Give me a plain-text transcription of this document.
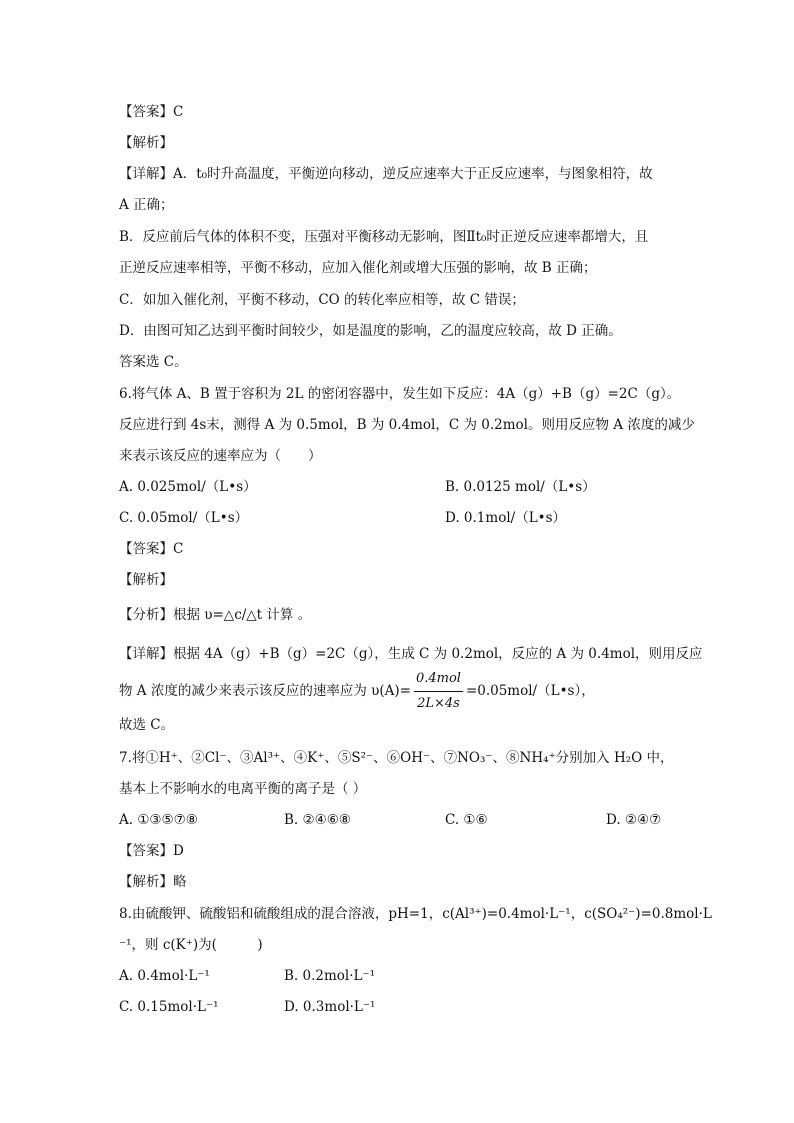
【答案】C
【解析】
【详解】A．t₀时升高温度，平衡逆向移动，逆反应速率大于正反应速率，与图象相符，故
A 正确；
B．反应前后气体的体积不变，压强对平衡移动无影响，图Ⅱt₀时正逆反应速率都增大，且
正逆反应速率相等，平衡不移动，应加入催化剂或增大压强的影响，故 B 正确；
C．如加入催化剂，平衡不移动，CO 的转化率应相等，故 C 错误；
D．由图可知乙达到平衡时间较少，如是温度的影响，乙的温度应较高，故 D 正确。
答案选 C。
6.将气体 A、B 置于容积为 2L 的密闭容器中，发生如下反应：4A（g）+B（g）=2C（g）。
反应进行到 4s末，测得 A 为 0.5mol，B 为 0.4mol，C 为 0.2mol。则用反应物 A 浓度的减少
来表示该反应的速率应为（　　）
A. 0.025mol/（L•s）	B. 0.0125 mol/（L•s）
C. 0.05mol/（L•s）	D. 0.1mol/（L•s）
【答案】C
【解析】
【分析】根据 υ=△c/△t 计算 。
【详解】根据 4A（g）+B（g）=2C（g），生成 C 为 0.2mol，反应的 A 为 0.4mol，则用反应
物 A 浓度的减少来表示该反应的速率应为 $\upsilon(A)= \frac{\text{0.4mol}}{2L\times 4s}$ =0.05mol/（L•s），
故选 C。
7.将①H⁺、②Cl⁻、③Al³⁺、④K⁺、⑤S²⁻、⑥OH⁻、⑦NO₃⁻、⑧NH₄⁺分别加入 H₂O 中，
基本上不影响水的电离平衡的离子是（ ）
A. ①③⑤⑦⑧	B. ②④⑥⑧	C. ①⑥	D. ②④⑦
【答案】D
【解析】略
8.由硫酸钾、硫酸铝和硫酸组成的混合溶液，pH=1，c(Al³⁺)=0.4mol·L⁻¹，c(SO₄²⁻)=0.8mol·L
⁻¹，则 c(K⁺)为(　　　)
A. 0.4mol·L⁻¹	B. 0.2mol·L⁻¹
C. 0.15mol·L⁻¹	D. 0.3mol·L⁻¹
